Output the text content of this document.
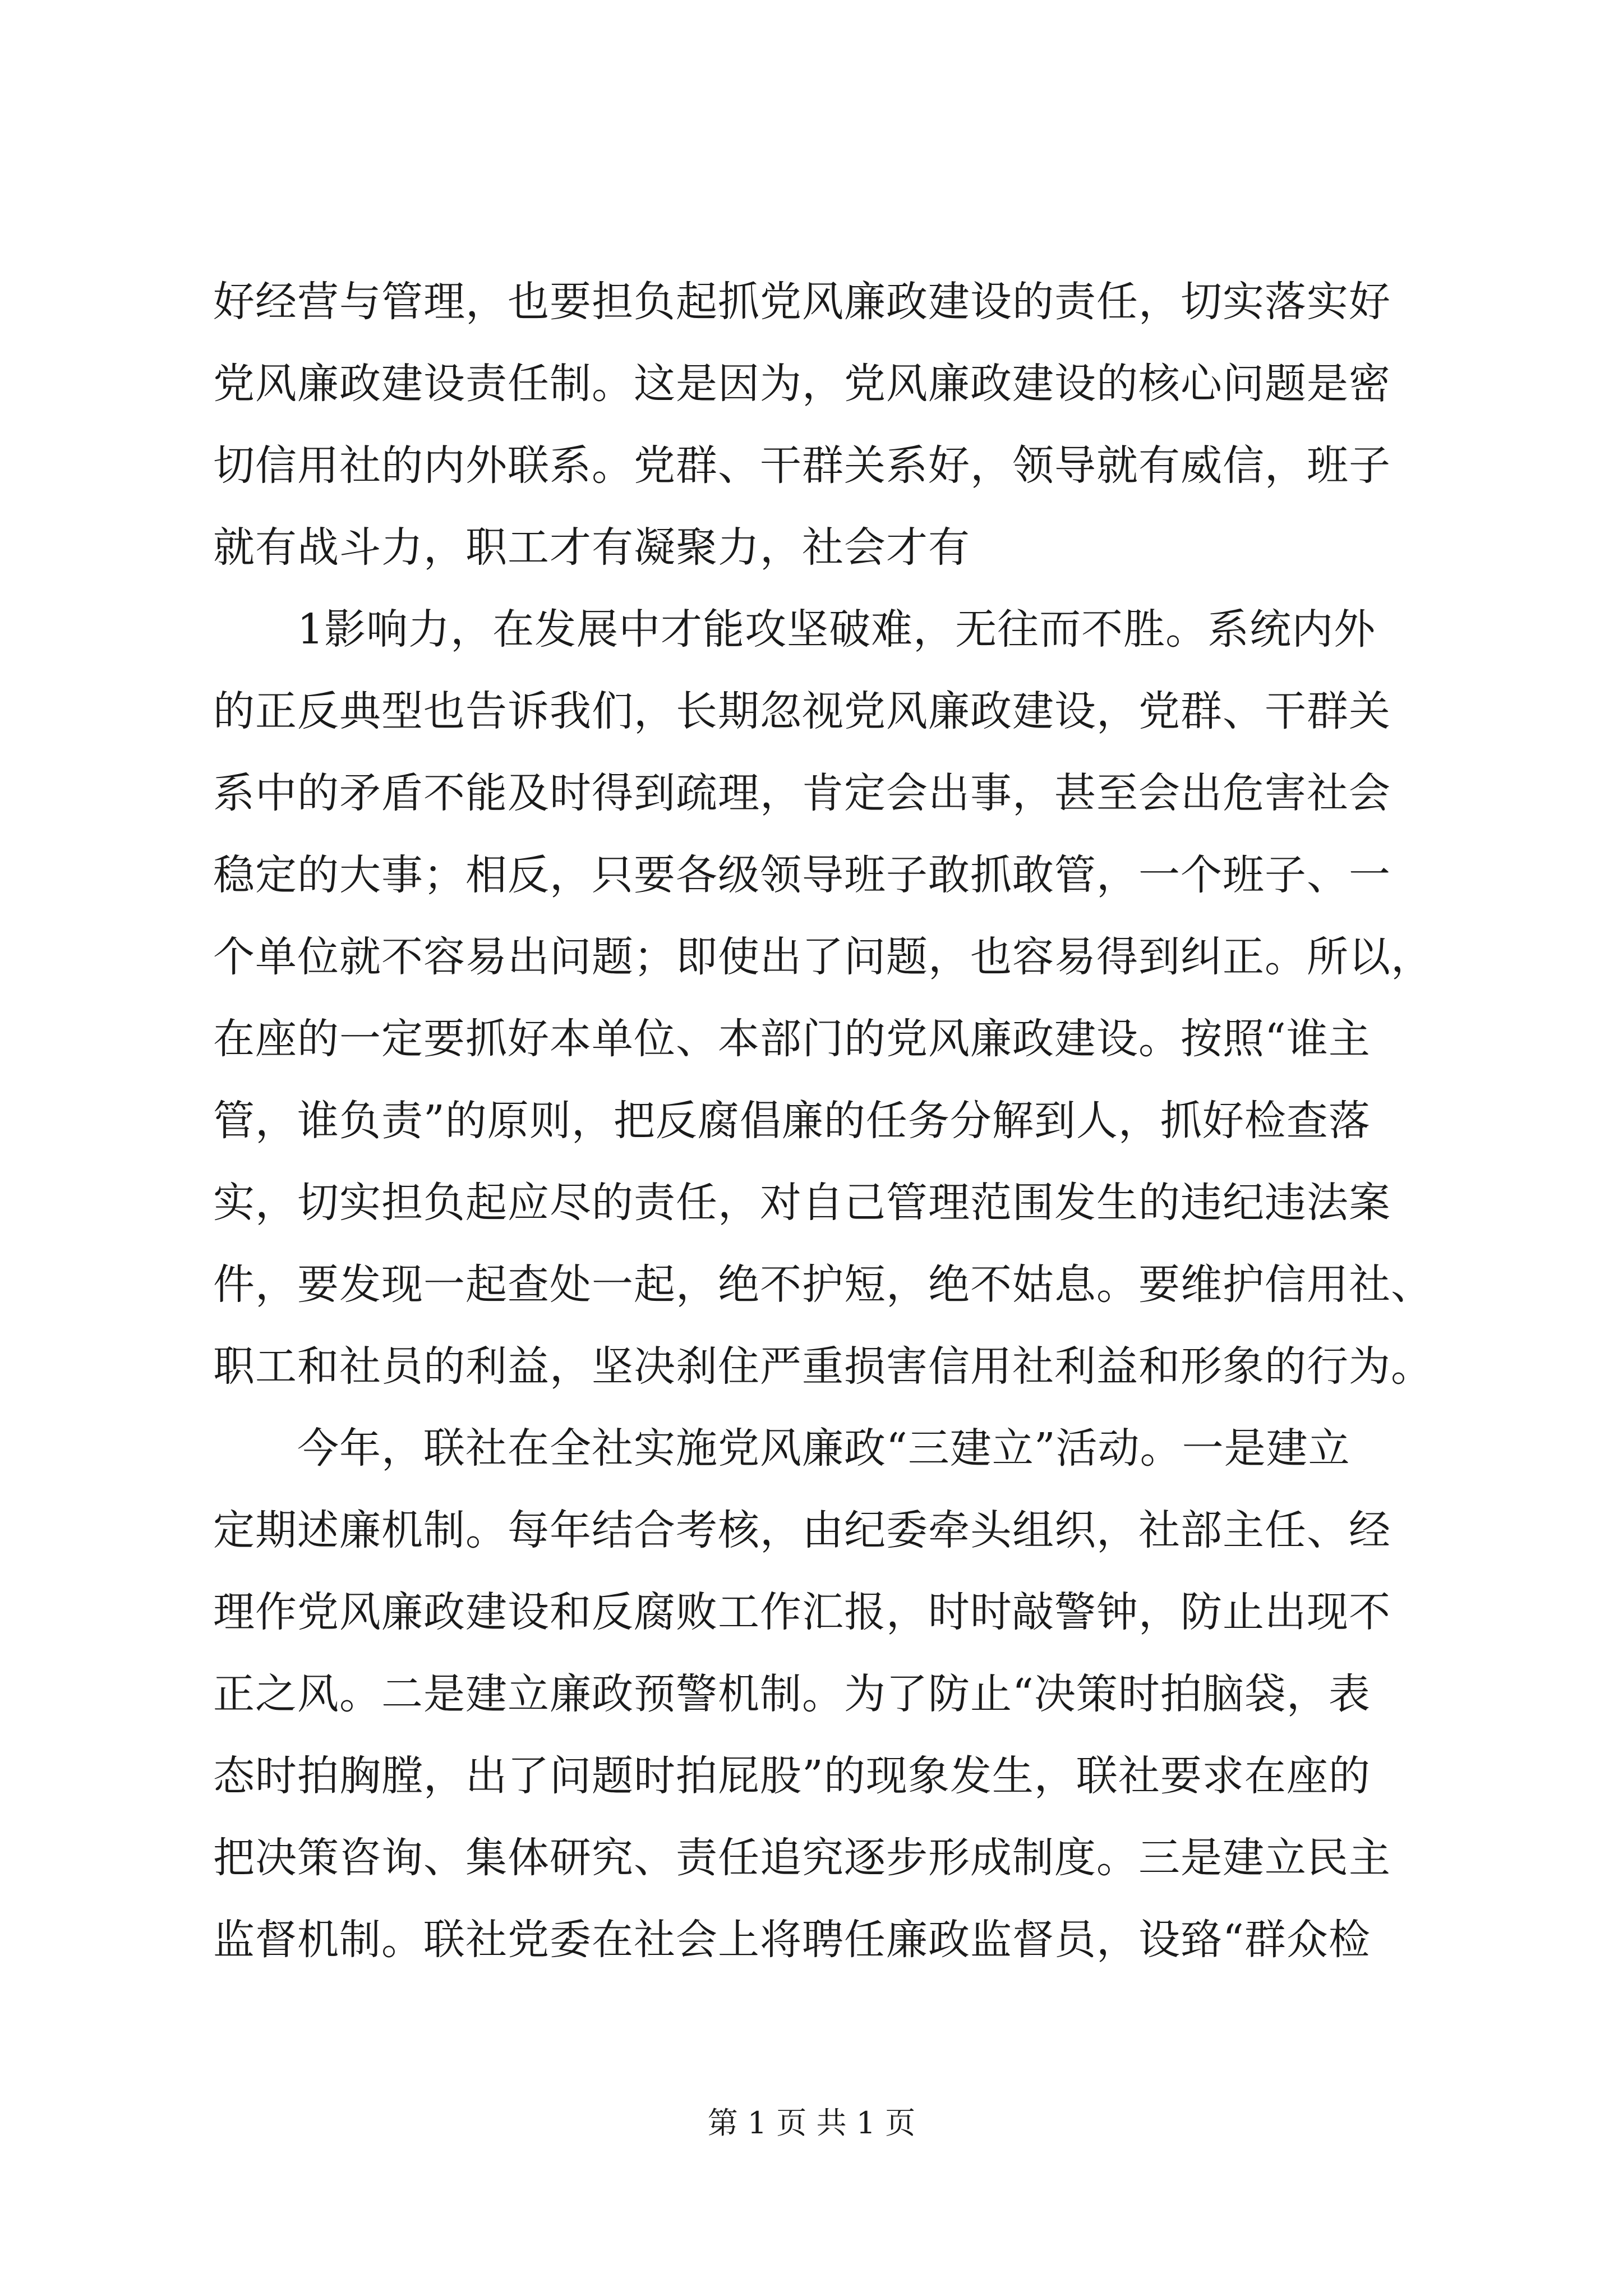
好经营与管理，也要担负起抓党风廉政建设的责任，切实落实好
党风廉政建设责任制。这是因为，党风廉政建设的核心问题是密
切信用社的内外联系。党群、干群关系好，领导就有威信，班子
就有战斗力，职工才有凝聚力，社会才有
1影响力，在发展中才能攻坚破难，无往而不胜。系统内外
的正反典型也告诉我们，长期忽视党风廉政建设，党群、干群关
系中的矛盾不能及时得到疏理，肯定会出事，甚至会出危害社会
稳定的大事；相反，只要各级领导班子敢抓敢管，一个班子、一
个单位就不容易出问题；即使出了问题，也容易得到纠正。所以，
在座的一定要抓好本单位、本部门的党风廉政建设。按照“谁主
管，谁负责”的原则，把反腐倡廉的任务分解到人，抓好检查落
实，切实担负起应尽的责任，对自己管理范围发生的违纪违法案
件，要发现一起查处一起，绝不护短，绝不姑息。要维护信用社、
职工和社员的利益，坚决刹住严重损害信用社利益和形象的行为。
今年，联社在全社实施党风廉政“三建立”活动。一是建立
定期述廉机制。每年结合考核，由纪委牵头组织，社部主任、经
理作党风廉政建设和反腐败工作汇报，时时敲警钟，防止出现不
正之风。二是建立廉政预警机制。为了防止“决策时拍脑袋，表
态时拍胸膛，出了问题时拍屁股”的现象发生，联社要求在座的
把决策咨询、集体研究、责任追究逐步形成制度。三是建立民主
监督机制。联社党委在社会上将聘任廉政监督员，设臵“群众检
第 1 页 共 1 页
